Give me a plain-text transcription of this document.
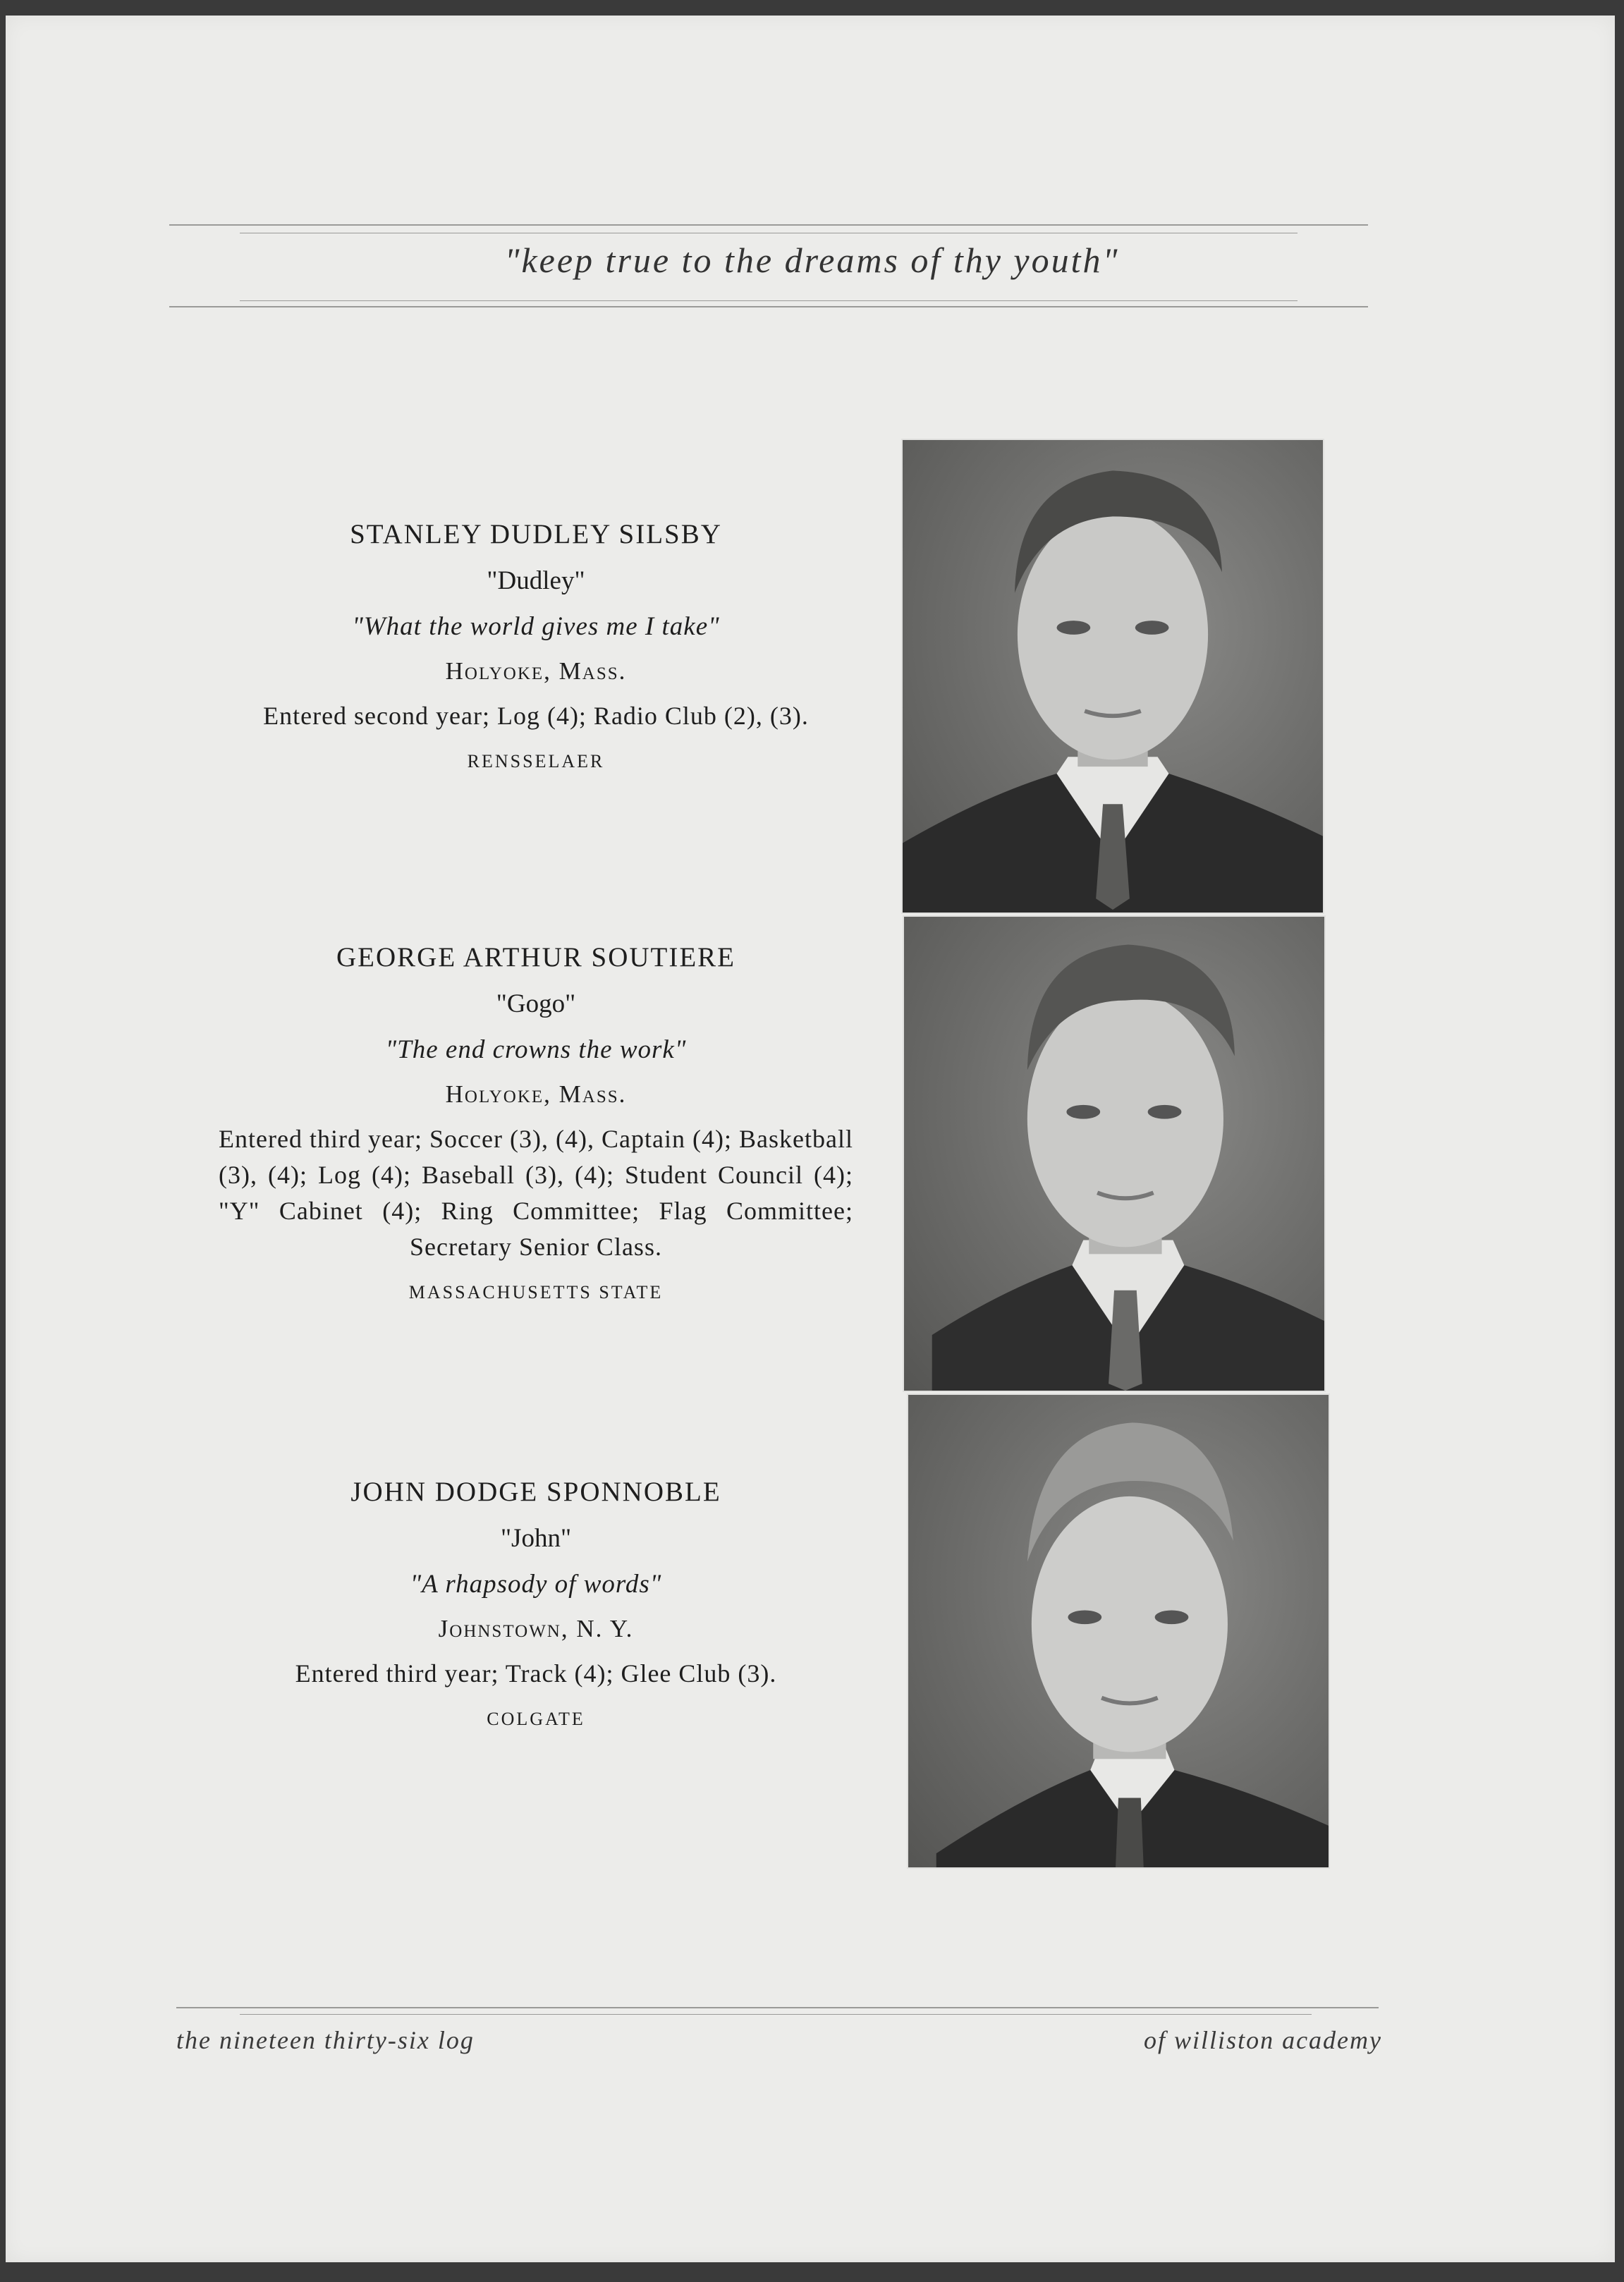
"keep true to the dreams of thy youth"
STANLEY DUDLEY SILSBY
"Dudley"
"What the world gives me I take"
Holyoke, Mass.
Entered second year; Log (4); Radio Club (2), (3).
RENSSELAER
GEORGE ARTHUR SOUTIERE
"Gogo"
"The end crowns the work"
Holyoke, Mass.
Entered third year; Soccer (3), (4), Captain (4); Basketball (3), (4); Log (4); Baseball (3), (4); Student Council (4); "Y" Cabinet (4); Ring Committee; Flag Committee; Secretary Senior Class.
MASSACHUSETTS STATE
JOHN DODGE SPONNOBLE
"John"
"A rhapsody of words"
Johnstown, N. Y.
Entered third year; Track (4); Glee Club (3).
COLGATE
the nineteen thirty-six log	of williston academy
